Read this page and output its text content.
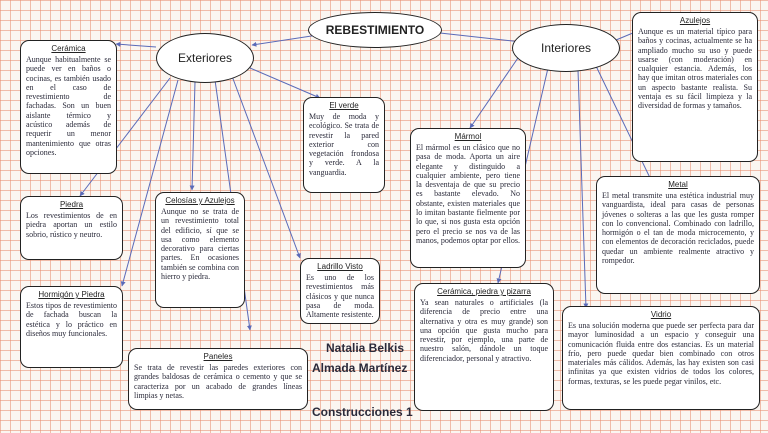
REBESTIMIENTO
Exteriores
Interiores
Cerámica
Aunque habitualmente se puede ver en baños o cocinas, es también usado en el caso de revestimiento de fachadas. Son un buen aislante térmico y acústico además de requerir un menor mantenimiento que otras opciones.
Piedra
Los revestimientos de en piedra aportan un estilo sobrio, rústico y neutro.
Hormigón y Piedra
Estos tipos de revestimiento de fachada buscan la estética y lo práctico en diseños muy funcionales.
Celosías y Azulejos
Aunque no se trata de un revestimiento total del edificio, sí que se usa como elemento decorativo para ciertas partes. En ocasiones también se combina con hierro y piedra.
El verde
Muy de moda y ecológico. Se trata de revestir la pared exterior con vegetación frondosa y verde. A la vanguardia.
Ladrillo Visto
Es uno de los revestimientos más clásicos y que nunca pasa de moda. Altamente resistente.
Paneles
Se trata de revestir las paredes exteriores con grandes baldosas de cerámica o cemento y que se caracteriza por un acabado de grandes líneas limpias y netas.
Mármol
El mármol es un clásico que no pasa de moda. Aporta un aire elegante y distinguido a cualquier ambiente, pero tiene la desventaja de que su precio es bastante elevado. No obstante, existen materiales que lo imitan bastante fielmente por lo que, si nos gusta esta opción pero el precio se nos va de las manos, podemos optar por ellos.
Azulejos
Aunque es un material típico para baños y cocinas, actualmente se ha ampliado mucho su uso y puede usarse (con moderación) en cualquier estancia. Además, los hay que imitan otros materiales con un aspecto bastante realista. Su ventaja es su fácil limpieza y la diversidad de formas y tamaños.
Metal
El metal transmite una estética industrial muy vanguardista, ideal para casas de personas jóvenes o solteras a las que les gusta romper con lo convencional. Combinado con ladrillo, hormigón o el tan de moda microcemento, y con elementos de decoración reciclados, puede quedar un ambiente realmente atractivo y rompedor.
Cerámica, piedra y pizarra
Ya sean naturales o artificiales (la diferencia de precio entre una alternativa y otra es muy grande) son una opción que gusta mucho para revestir, por ejemplo, una parte de nuestro salón, dándole un toque diferenciador, personal y atractivo.
Vidrio
Es una solución moderna que puede ser perfecta para dar mayor luminosidad a un espacio y conseguir una comunicación fluida entre dos estancias. Es un material frío, pero puede quedar bien combinado con otros materiales más cálidos. Además, las hay existen son casi infinitas ya que existen vidrios de todos los colores, formas, texturas, se les puede pegar vinilos, etc.
Natalia Belkis
Almada Martínez
Construcciones 1
